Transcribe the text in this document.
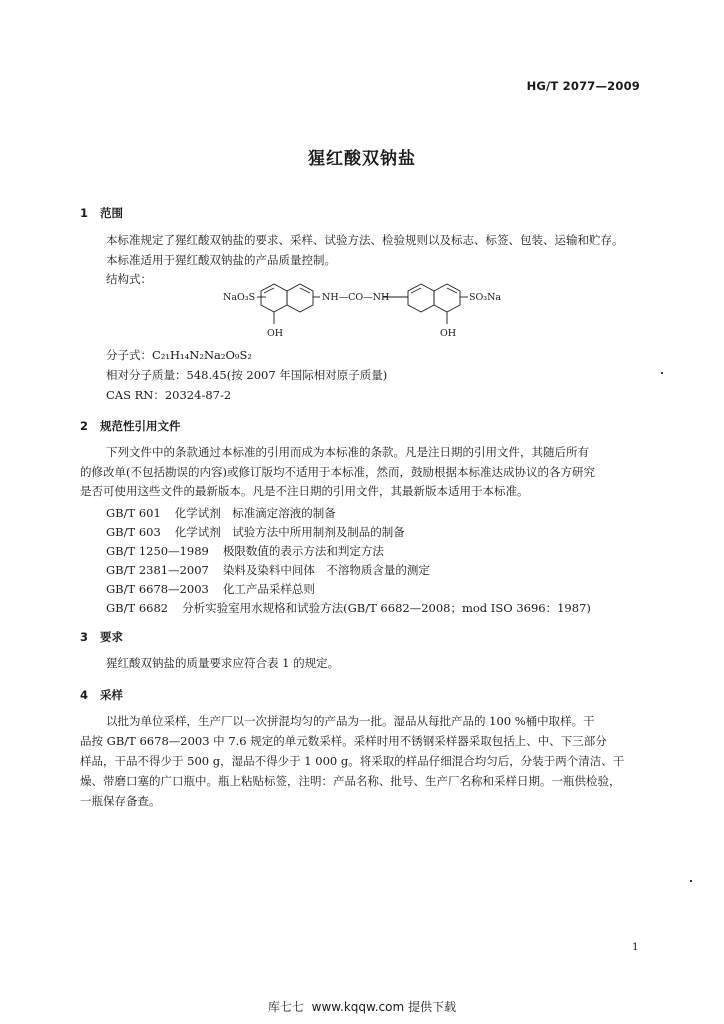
HG/T 2077—2009
猩红酸双钠盐
1 范围
本标准规定了猩红酸双钠盐的要求、采样、试验方法、检验规则以及标志、标签、包装、运输和贮存。
本标准适用于猩红酸双钠盐的产品质量控制。
结构式：
NaO₃S
OH
NH—CO—NH
OH
SO₃Na
分子式：C₂₁H₁₄N₂Na₂O₉S₂
相对分子质量：548.45(按 2007 年国际相对原子质量)
CAS RN：20324-87-2
2 规范性引用文件
下列文件中的条款通过本标准的引用而成为本标准的条款。凡是注日期的引用文件，其随后所有
的修改单(不包括勘误的内容)或修订版均不适用于本标准，然而，鼓励根据本标准达成协议的各方研究
是否可使用这些文件的最新版本。凡是不注日期的引用文件，其最新版本适用于本标准。
GB/T 601 化学试剂　标准滴定溶液的制备
GB/T 603 化学试剂　试验方法中所用制剂及制品的制备
GB/T 1250—1989 极限数值的表示方法和判定方法
GB/T 2381—2007 染料及染料中间体　不溶物质含量的测定
GB/T 6678—2003 化工产品采样总则
GB/T 6682 分析实验室用水规格和试验方法(GB/T 6682—2008；mod ISO 3696：1987)
3 要求
猩红酸双钠盐的质量要求应符合表 1 的规定。
4 采样
以批为单位采样，生产厂以一次拼混均匀的产品为一批。湿品从每批产品的 100 %桶中取样。干
品按 GB/T 6678—2003 中 7.6 规定的单元数采样。采样时用不锈钢采样器采取包括上、中、下三部分
样品，干品不得少于 500 g，湿品不得少于 1 000 g。将采取的样品仔细混合均匀后，分装于两个清洁、干
燥、带磨口塞的广口瓶中。瓶上粘贴标签，注明：产品名称、批号、生产厂名称和采样日期。一瓶供检验，
一瓶保存备查。
1
库七七 www.kqqw.com 提供下载
